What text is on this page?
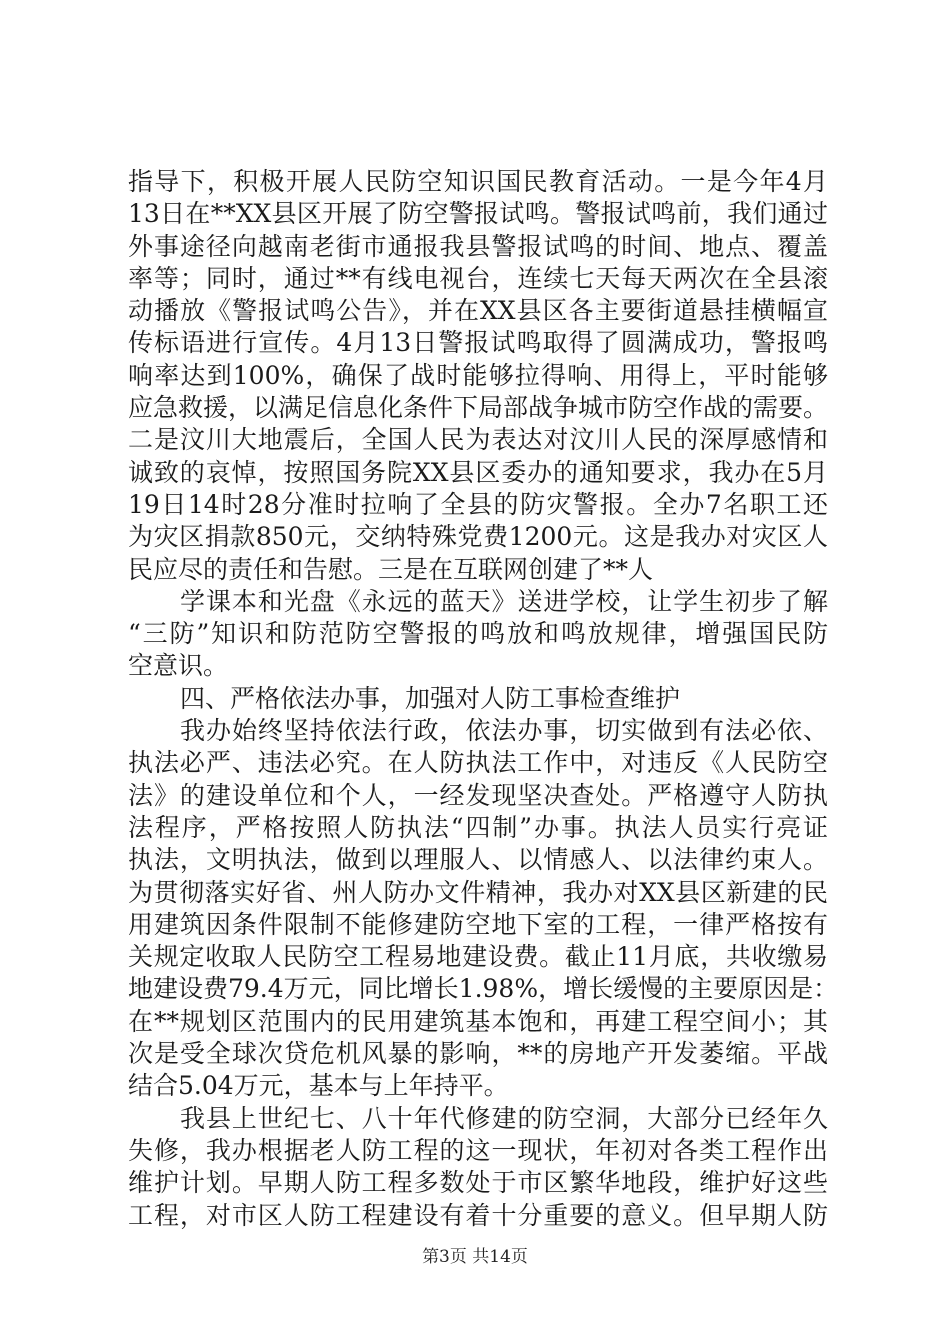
指导下，积极开展人民防空知识国民教育活动。一是今年4月
13日在**XX县区开展了防空警报试鸣。警报试鸣前，我们通过
外事途径向越南老街市通报我县警报试鸣的时间、地点、覆盖
率等；同时，通过**有线电视台，连续七天每天两次在全县滚
动播放《警报试鸣公告》，并在XX县区各主要街道悬挂横幅宣
传标语进行宣传。4月13日警报试鸣取得了圆满成功，警报鸣
响率达到100%，确保了战时能够拉得响、用得上，平时能够
应急救援，以满足信息化条件下局部战争城市防空作战的需要。
二是汶川大地震后，全国人民为表达对汶川人民的深厚感情和
诚致的哀悼，按照国务院XX县区委办的通知要求，我办在5月
19日14时28分准时拉响了全县的防灾警报。全办7名职工还
为灾区捐款850元，交纳特殊党费1200元。这是我办对灾区人
民应尽的责任和告慰。三是在互联网创建了**人
学课本和光盘《永远的蓝天》送进学校，让学生初步了解
“三防”知识和防范防空警报的鸣放和鸣放规律，增强国民防
空意识。
四、严格依法办事，加强对人防工事检查维护
我办始终坚持依法行政，依法办事，切实做到有法必依、
执法必严、违法必究。在人防执法工作中，对违反《人民防空
法》的建设单位和个人，一经发现坚决查处。严格遵守人防执
法程序，严格按照人防执法“四制”办事。执法人员实行亮证
执法，文明执法，做到以理服人、以情感人、以法律约束人。
为贯彻落实好省、州人防办文件精神，我办对XX县区新建的民
用建筑因条件限制不能修建防空地下室的工程，一律严格按有
关规定收取人民防空工程易地建设费。截止11月底，共收缴易
地建设费79.4万元，同比增长1.98%，增长缓慢的主要原因是：
在**规划区范围内的民用建筑基本饱和，再建工程空间小；其
次是受全球次贷危机风暴的影响，**的房地产开发萎缩。平战
结合5.04万元，基本与上年持平。
我县上世纪七、八十年代修建的防空洞，大部分已经年久
失修，我办根据老人防工程的这一现状，年初对各类工程作出
维护计划。早期人防工程多数处于市区繁华地段，维护好这些
工程，对市区人防工程建设有着十分重要的意义。但早期人防
第3页 共14页
